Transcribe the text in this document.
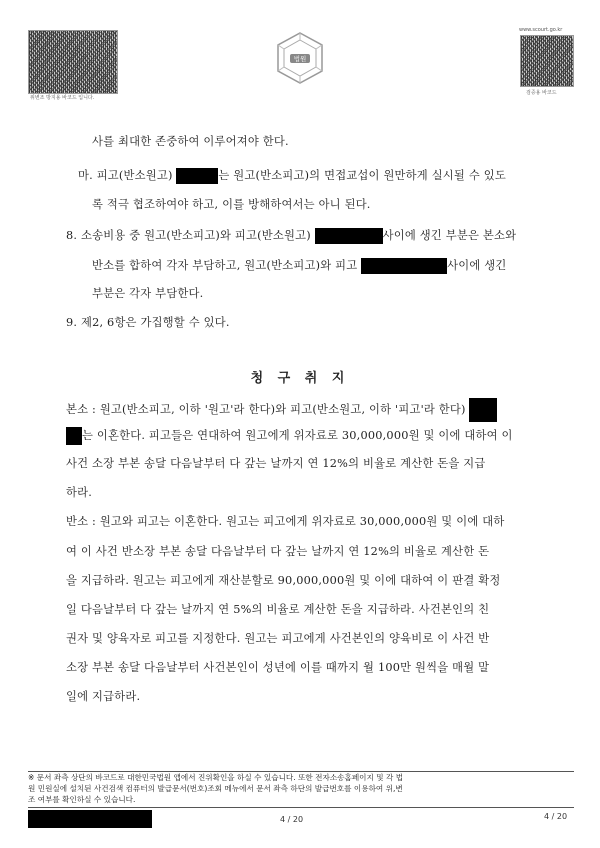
위변조 방지용 바코드 입니다.
법원
www.scourt.go.kr
검증용 바코드
사를 최대한 존중하여 이루어져야 한다.
마. 피고(반소원고)	는 원고(반소피고)의 면접교섭이 원만하게 실시될 수 있도
록 적극 협조하여야 하고, 이를 방해하여서는 아니 된다.
8. 소송비용 중 원고(반소피고)와 피고(반소원고)	사이에 생긴 부분은 본소와
반소를 합하여 각자 부담하고, 원고(반소피고)와 피고	사이에 생긴
부분은 각자 부담한다.
9. 제2, 6항은 가집행할 수 있다.
청 구 취 지
본소 : 원고(반소피고, 이하 '원고'라 한다)와 피고(반소원고, 이하 '피고'라 한다)
는 이혼한다. 피고들은 연대하여 원고에게 위자료로 30,000,000원 및 이에 대하여 이
사건 소장 부본 송달 다음날부터 다 갚는 날까지 연 12%의 비율로 계산한 돈을 지급
하라.
반소 : 원고와 피고는 이혼한다. 원고는 피고에게 위자료로 30,000,000원 및 이에 대하
여 이 사건 반소장 부본 송달 다음날부터 다 갚는 날까지 연 12%의 비율로 계산한 돈
을 지급하라. 원고는 피고에게 재산분할로 90,000,000원 및 이에 대하여 이 판결 확정
일 다음날부터 다 갚는 날까지 연 5%의 비율로 계산한 돈을 지급하라. 사건본인의 친
권자 및 양육자로 피고를 지정한다. 원고는 피고에게 사건본인의 양육비로 이 사건 반
소장 부본 송달 다음날부터 사건본인이 성년에 이를 때까지 월 100만 원씩을 매월 말
일에 지급하라.
※ 문서 좌측 상단의 바코드로 대한민국법원 앱에서 진위확인을 하실 수 있습니다. 또한 전자소송홈페이지 및 각 법
원 민원실에 설치된 사건검색 컴퓨터의 발급문서(번호)조회 메뉴에서 문서 좌측 하단의 발급번호를 이용하여 위,변
조 여부를 확인하실 수 있습니다.
4 / 20	4 / 20
